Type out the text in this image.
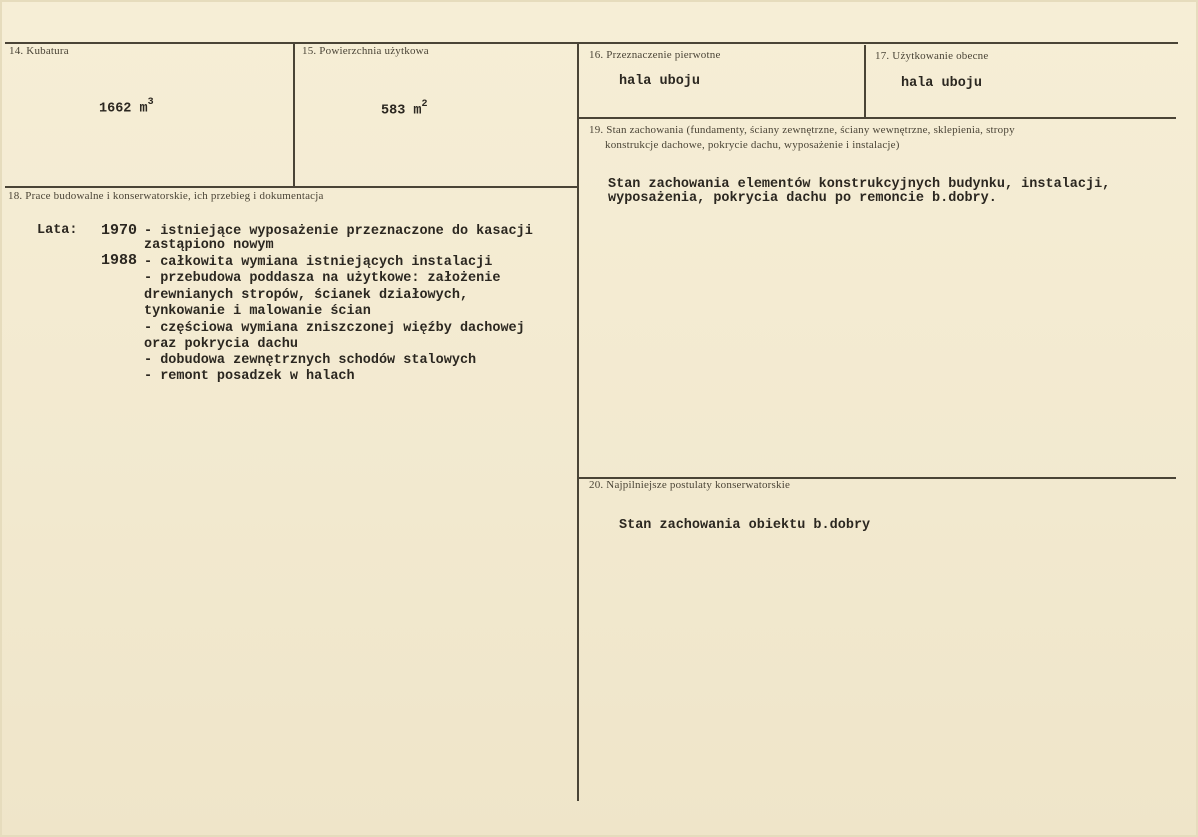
14. Kubatura
1662 $m^3$
15. Powierzchnia użytkowa
583 $m^2$
16. Przeznaczenie pierwotne
hala uboju
17. Użytkowanie obecne
hala uboju
18. Prace budowalne i konserwatorskie, ich przebieg i dokumentacja
Lata: 1970
1988
- istniejące wyposażenie przeznaczone do kasacji
zastąpiono nowym
- całkowita wymiana istniejących instalacji
- przebudowa poddasza na użytkowe: założenie
drewnianych stropów, ścianek działowych,
tynkowanie i malowanie ścian
- częściowa wymiana zniszczonej więźby dachowej
oraz pokrycia dachu
- dobudowa zewnętrznych schodów stalowych
- remont posadzek w halach
19. Stan zachowania (fundamenty, ściany zewnętrzne, ściany wewnętrzne, sklepienia, stropy
konstrukcje dachowe, pokrycie dachu, wyposażenie i instalacje)
Stan zachowania elementów konstrukcyjnych budynku, instalacji,
wyposażenia, pokrycia dachu po remoncie b.dobry.
20. Najpilniejsze postulaty konserwatorskie
Stan zachowania obiektu b.dobry
